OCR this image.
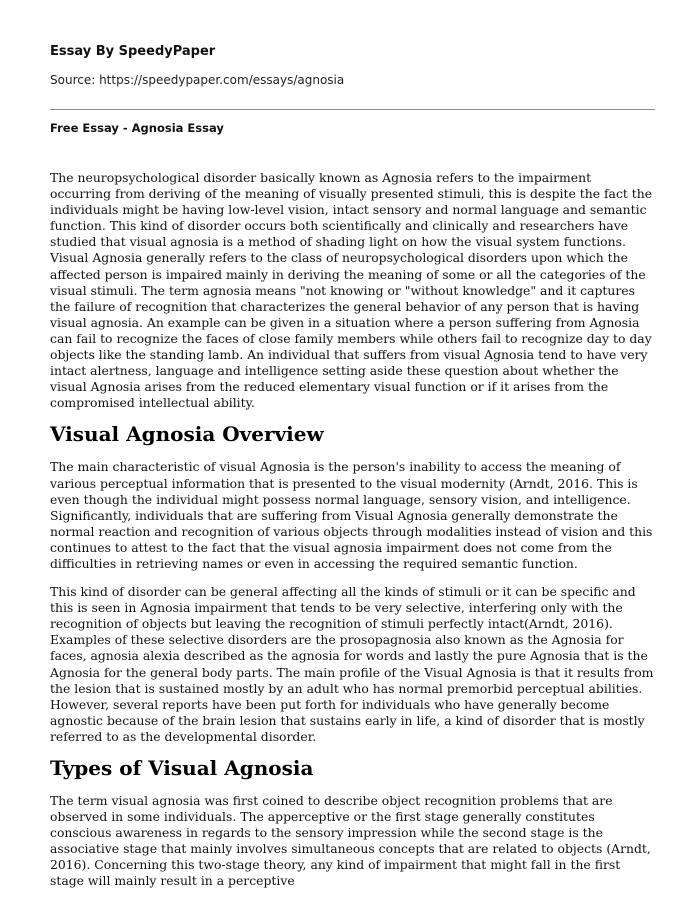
Essay By SpeedyPaper
Source: https://speedypaper.com/essays/agnosia
Free Essay - Agnosia Essay

The neuropsychological disorder basically known as Agnosia refers to the impairment occurring from deriving of the meaning of visually presented stimuli, this is despite the fact the individuals might be having low-level vision, intact sensory and normal language and semantic function. This kind of disorder occurs both scientifically and clinically and researchers have studied that visual agnosia is a method of shading light on how the visual system functions. Visual Agnosia generally refers to the class of neuropsychological disorders upon which the affected person is impaired mainly in deriving the meaning of some or all the categories of the visual stimuli. The term agnosia means "not knowing or "without knowledge" and it captures the failure of recognition that characterizes the general behavior of any person that is having visual agnosia. An example can be given in a situation where a person suffering from Agnosia can fail to recognize the faces of close family members while others fail to recognize day to day objects like the standing lamb. An individual that suffers from visual Agnosia tend to have very intact alertness, language and intelligence setting aside these question about whether the visual Agnosia arises from the reduced elementary visual function or if it arises from the compromised intellectual ability.

Visual Agnosia Overview

The main characteristic of visual Agnosia is the person's inability to access the meaning of various perceptual information that is presented to the visual modernity (Arndt, 2016. This is even though the individual might possess normal language, sensory vision, and intelligence. Significantly, individuals that are suffering from Visual Agnosia generally demonstrate the normal reaction and recognition of various objects through modalities instead of vision and this continues to attest to the fact that the visual agnosia impairment does not come from the difficulties in retrieving names or even in accessing the required semantic function.

This kind of disorder can be general affecting all the kinds of stimuli or it can be specific and this is seen in Agnosia impairment that tends to be very selective, interfering only with the recognition of objects but leaving the recognition of stimuli perfectly intact(Arndt, 2016). Examples of these selective disorders are the prosopagnosia also known as the Agnosia for faces, agnosia alexia described as the agnosia for words and lastly the pure Agnosia that is the Agnosia for the general body parts. The main profile of the Visual Agnosia is that it results from the lesion that is sustained mostly by an adult who has normal premorbid perceptual abilities. However, several reports have been put forth for individuals who have generally become agnostic because of the brain lesion that sustains early in life, a kind of disorder that is mostly referred to as the developmental disorder.

Types of Visual Agnosia

The term visual agnosia was first coined to describe object recognition problems that are observed in some individuals. The apperceptive or the first stage generally constitutes conscious awareness in regards to the sensory impression while the second stage is the associative stage that mainly involves simultaneous concepts that are related to objects (Arndt, 2016). Concerning this two-stage theory, any kind of impairment that might fall in the first stage will mainly result in a perceptive
